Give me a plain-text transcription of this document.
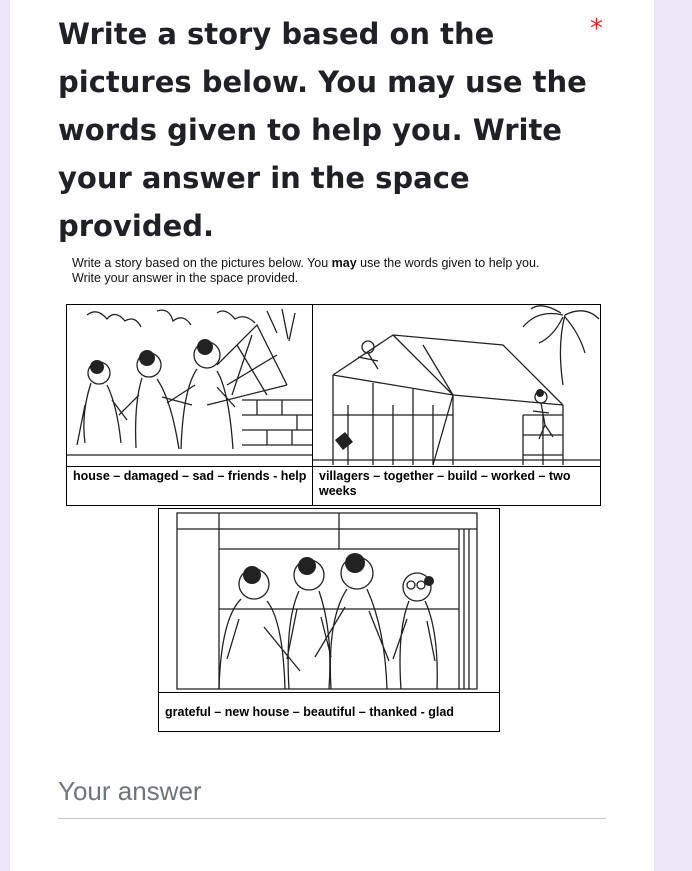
Write a story based on the pictures below. You may use the words given to help you. Write your answer in the space provided.
*
Write a story based on the pictures below. You may use the words given to help you.
Write your answer in the space provided.
house – damaged – sad – friends - help	villagers – together – build – worked – two weeks
grateful – new house – beautiful – thanked - glad
Your answer
